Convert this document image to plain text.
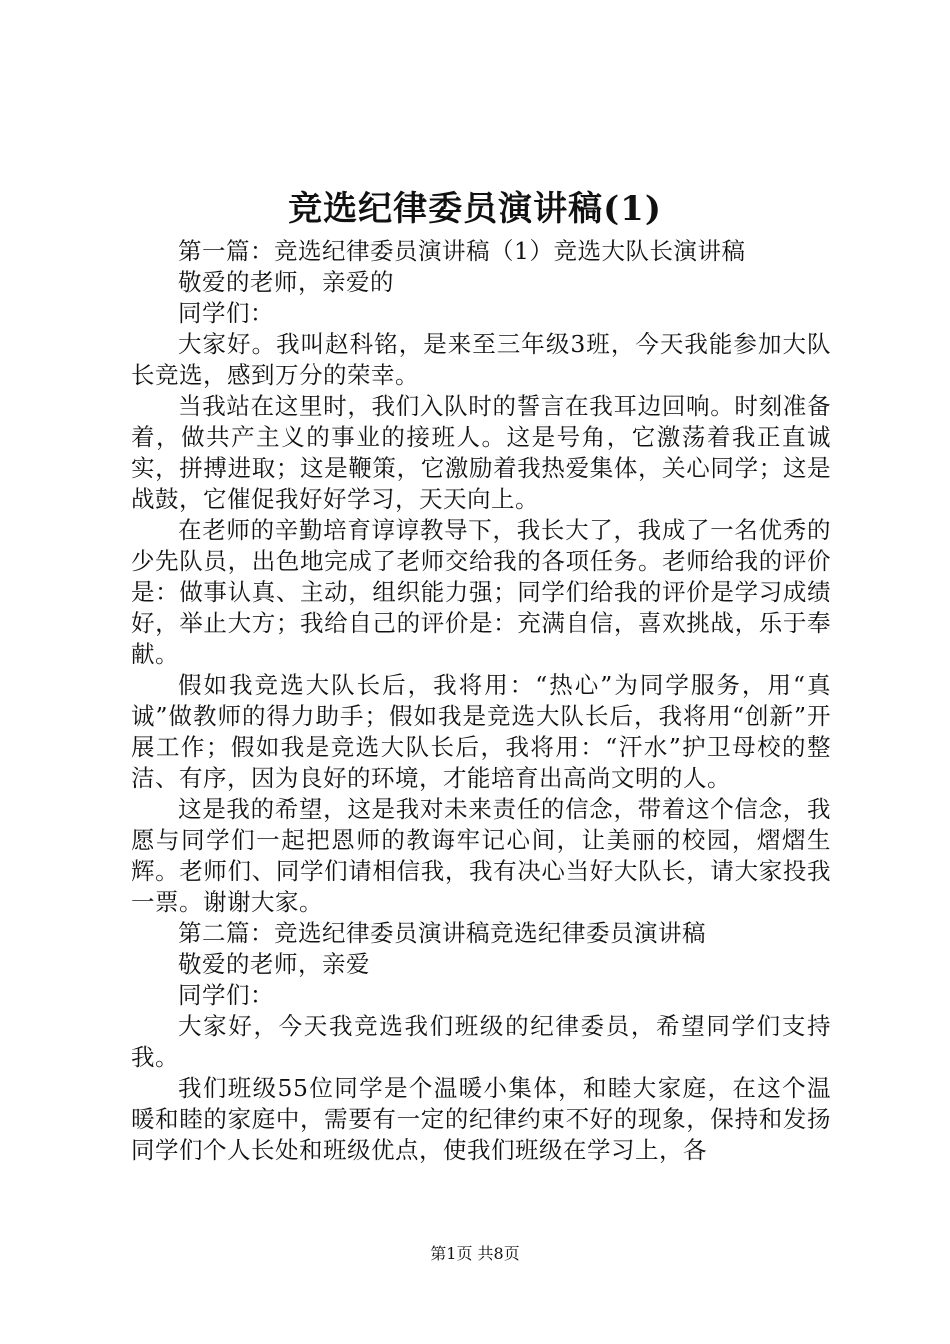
竞选纪律委员演讲稿(1)

第一篇：竞选纪律委员演讲稿（1）竞选大队长演讲稿

敬爱的老师，亲爱的

同学们：

大家好。我叫赵科铭，是来至三年级3班，今天我能参加大队长竞选，感到万分的荣幸。

当我站在这里时，我们入队时的誓言在我耳边回响。时刻准备着，做共产主义的事业的接班人。这是号角，它激荡着我正直诚实，拼搏进取；这是鞭策，它激励着我热爱集体，关心同学；这是战鼓，它催促我好好学习，天天向上。

在老师的辛勤培育谆谆教导下，我长大了，我成了一名优秀的少先队员，出色地完成了老师交给我的各项任务。老师给我的评价是：做事认真、主动，组织能力强；同学们给我的评价是学习成绩好，举止大方；我给自己的评价是：充满自信，喜欢挑战，乐于奉献。

假如我竞选大队长后，我将用：“热心”为同学服务，用“真诚”做教师的得力助手；假如我是竞选大队长后，我将用“创新”开展工作；假如我是竞选大队长后，我将用：“汗水”护卫母校的整洁、有序，因为良好的环境，才能培育出高尚文明的人。

这是我的希望，这是我对未来责任的信念，带着这个信念，我愿与同学们一起把恩师的教诲牢记心间，让美丽的校园，熠熠生辉。老师们、同学们请相信我，我有决心当好大队长，请大家投我一票。谢谢大家。

第二篇：竞选纪律委员演讲稿竞选纪律委员演讲稿

敬爱的老师，亲爱

同学们：

大家好，今天我竞选我们班级的纪律委员，希望同学们支持我。

我们班级55位同学是个温暖小集体，和睦大家庭，在这个温暖和睦的家庭中，需要有一定的纪律约束不好的现象，保持和发扬同学们个人长处和班级优点，使我们班级在学习上，各

第1页 共8页
